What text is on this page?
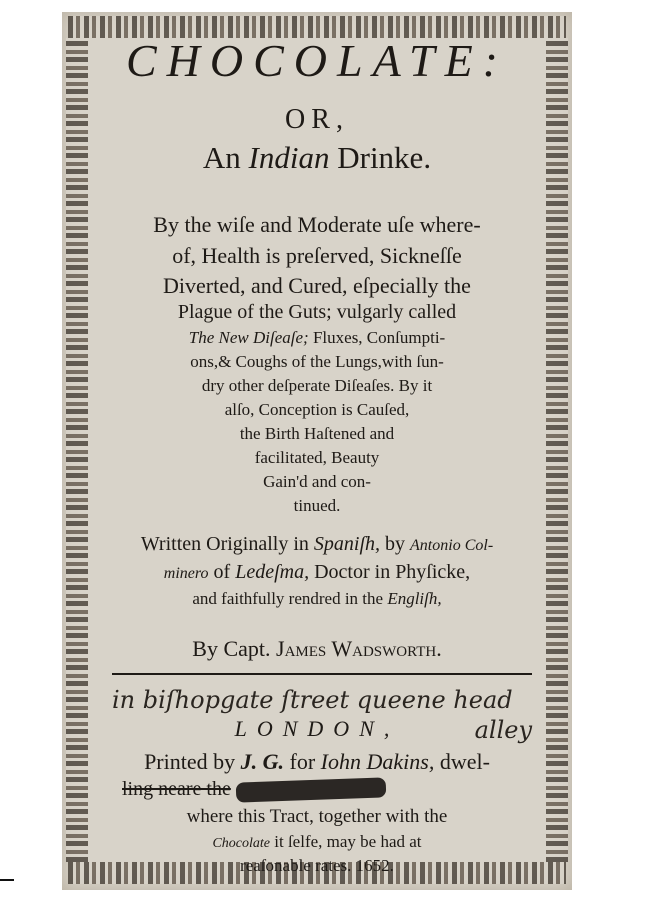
CHOCOLATE:
OR,
An Indian Drinke.
By the wiſe and Moderate uſe where-
of, Health is preſerved, Sickneſſe
Diverted, and Cured, eſpecially the
Plague of the Guts; vulgarly called
The New Diſeaſe; Fluxes, Conſumpti-
ons,& Coughs of the Lungs,with ſun-
dry other deſperate Diſeaſes. By it
alſo, Conception is Cauſed,
the Birth Haſtened and
facilitated, Beauty
Gain'd and con-
tinued.
Written Originally in Spaniſh, by Antonio Col-
minero of Ledeſma, Doctor in Phyſicke,
and faithfully rendred in the Engliſh,
By Capt. James Wadsworth.
in biſhopgate ſtreet queene head
LONDON,	alley
Printed by J. G. for Iohn Dakins, dwel-
ling neare the
where this Tract, together with the
Chocolate it ſelfe, may be had at
reaſonable rates. 1652.
